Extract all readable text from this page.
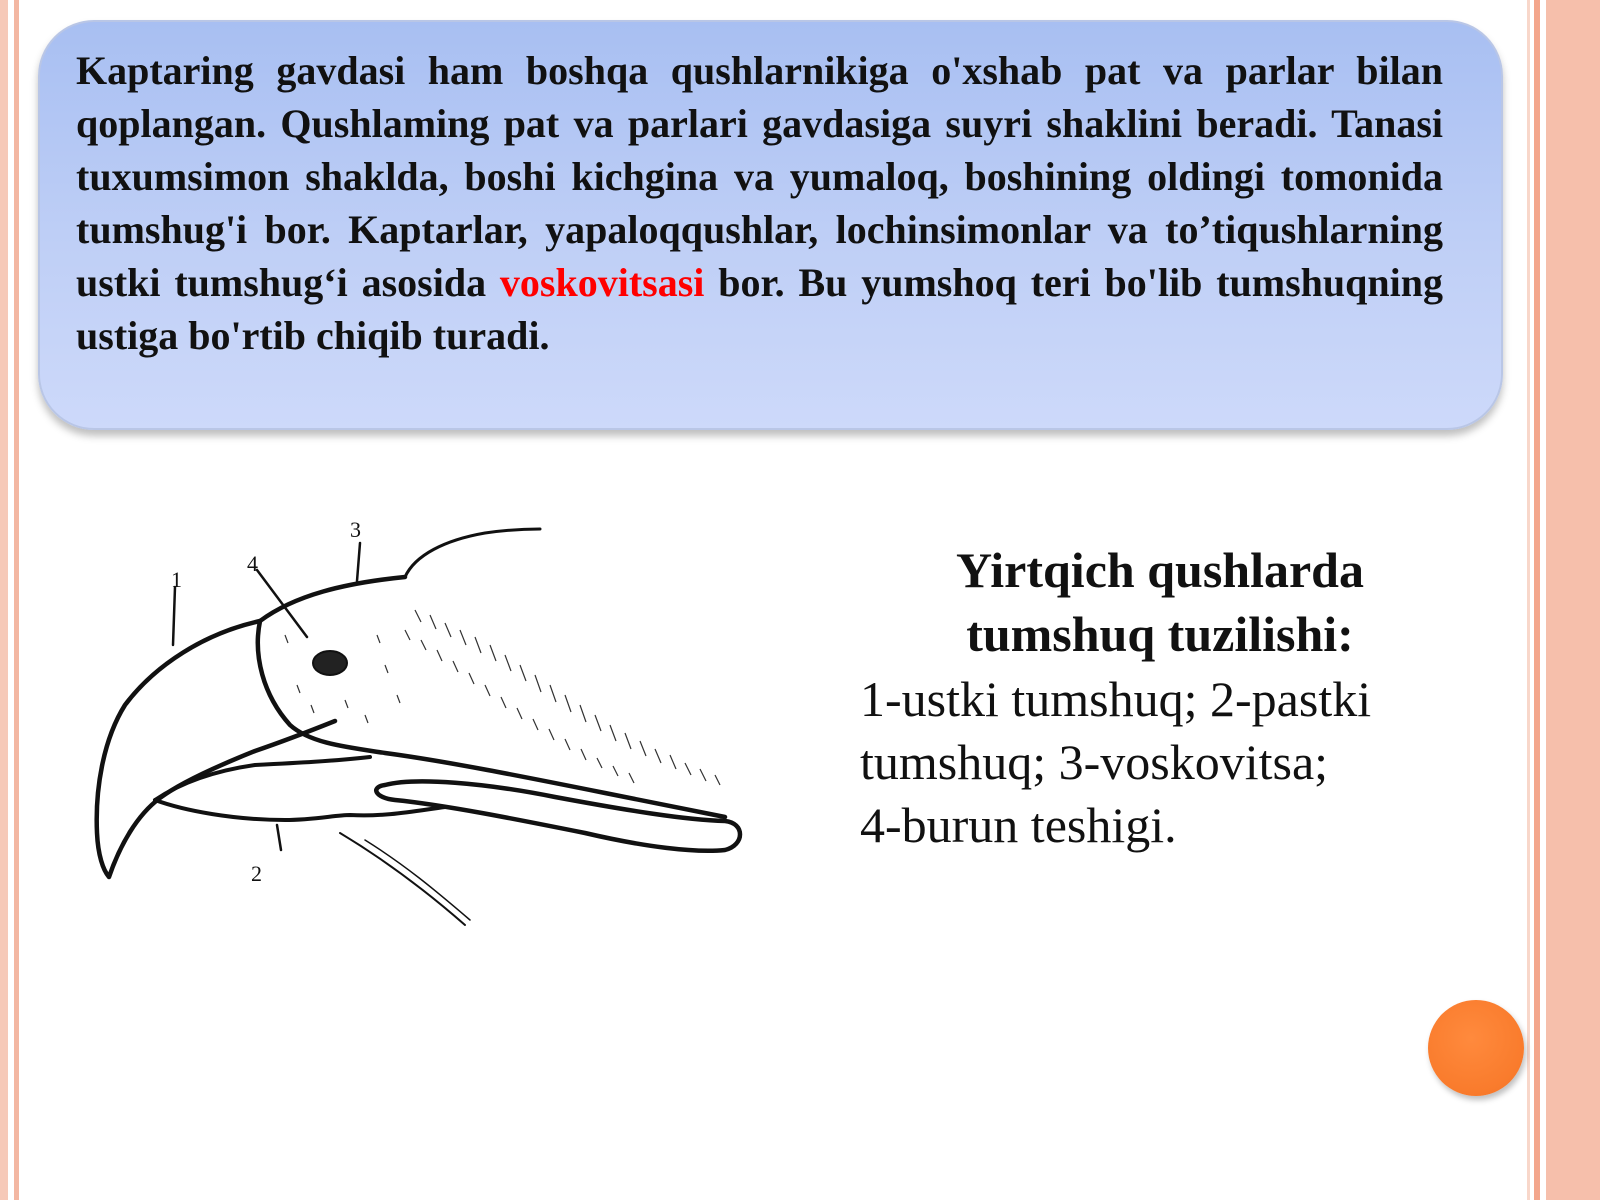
Kaptaring gavdasi ham boshqa qushlarnikiga o'xshab pat va parlar bilan qoplangan. Qushlaming pat va parlari gavdasiga suyri shaklini beradi. Tanasi tuxumsimon shaklda, boshi kichgina va yumaloq, boshining oldingi tomonida tumshug'i bor. Kaptarlar, yapaloqqushlar, lochinsimonlar va to’tiqushlarning ustki tumshug‘i asosida voskovitsasi bor. Bu yumshoq teri bo'lib tumshuqning ustiga bo'rtib chiqib turadi.

1
2
3
4	Yirtqich qushlarda tumshuq tuzilishi:
1-ustki tumshuq; 2-pastki
tumshuq; 3-voskovitsa;
4-burun teshigi.
